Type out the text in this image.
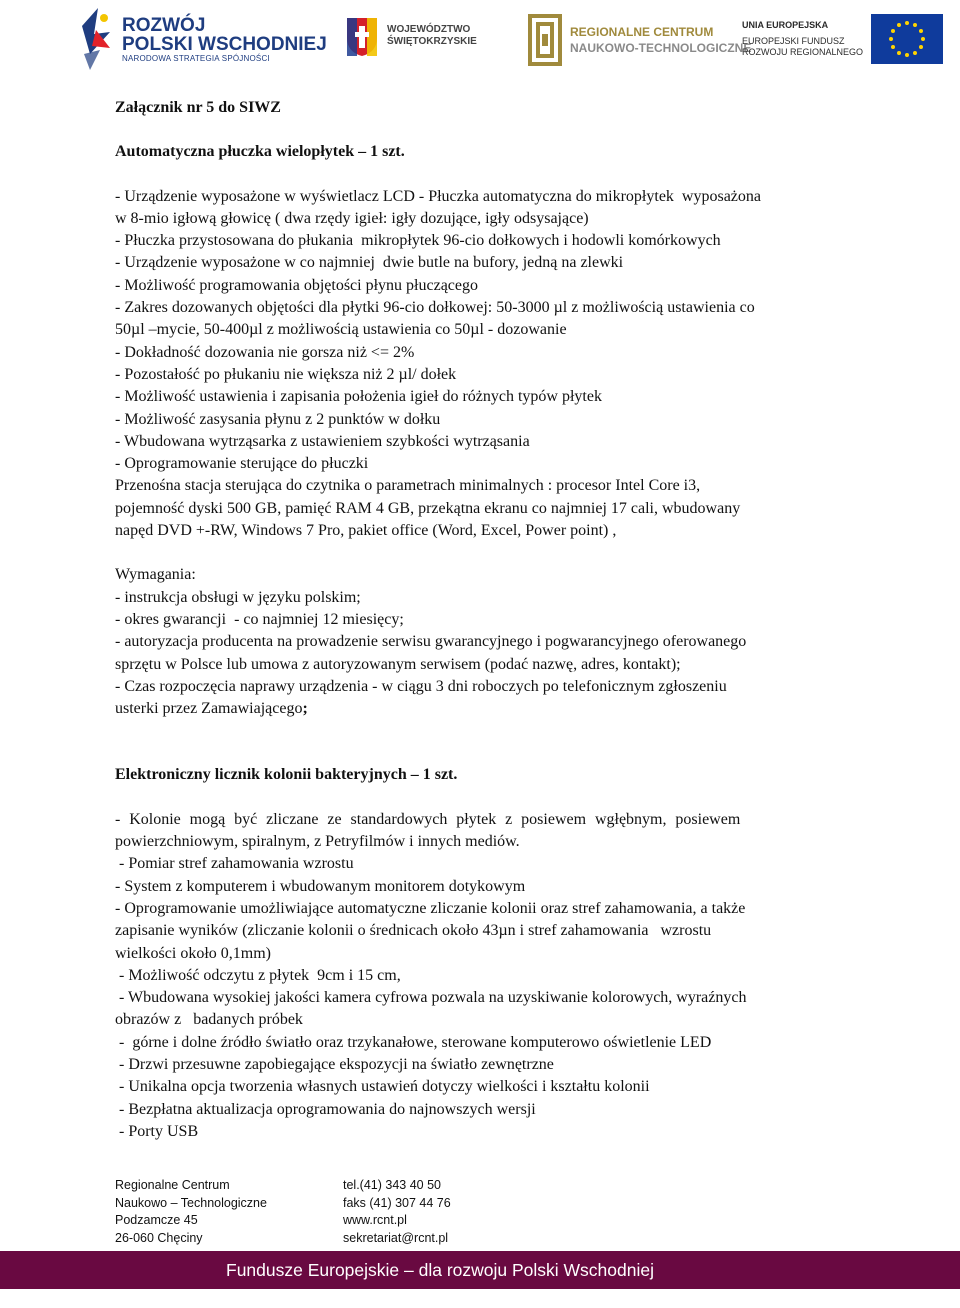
ROZWÓJ
POLSKI WSCHODNIEJ
NARODOWA STRATEGIA SPÓJNOŚCI
WOJEWÓDZTWO
ŚWIĘTOKRZYSKIE
REGIONALNE CENTRUM
NAUKOWO-TECHNOLOGICZNE
UNIA EUROPEJSKA
EUROPEJSKI FUNDUSZ
ROZWOJU REGIONALNEGO

Załącznik nr 5 do SIWZ

Automatyczna płuczka wielopłytek – 1 szt.

- Urządzenie wyposażone w wyświetlacz LCD - Płuczka automatyczna do mikropłytek  wyposażona

w 8-mio igłową głowicę ( dwa rzędy igieł: igły dozujące, igły odsysające)

- Płuczka przystosowana do płukania  mikropłytek 96-cio dołkowych i hodowli komórkowych

- Urządzenie wyposażone w co najmniej  dwie butle na bufory, jedną na zlewki

- Możliwość programowania objętości płynu płuczącego

- Zakres dozowanych objętości dla płytki 96-cio dołkowej: 50-3000 µl z możliwością ustawienia co

50µl –mycie, 50-400µl z możliwością ustawienia co 50µl - dozowanie

- Dokładność dozowania nie gorsza niż <= 2%

- Pozostałość po płukaniu nie większa niż 2 µl/ dołek

- Możliwość ustawienia i zapisania położenia igieł do różnych typów płytek

- Możliwość zasysania płynu z 2 punktów w dołku

- Wbudowana wytrząsarka z ustawieniem szybkości wytrząsania

- Oprogramowanie sterujące do płuczki

Przenośna stacja sterująca do czytnika o parametrach minimalnych : procesor Intel Core i3,

pojemność dyski 500 GB, pamięć RAM 4 GB, przekątna ekranu co najmniej 17 cali, wbudowany

napęd DVD +-RW, Windows 7 Pro, pakiet office (Word, Excel, Power point) ,

Wymagania:

- instrukcja obsługi w języku polskim;

- okres gwarancji  - co najmniej 12 miesięcy;

- autoryzacja producenta na prowadzenie serwisu gwarancyjnego i pogwarancyjnego oferowanego

sprzętu w Polsce lub umowa z autoryzowanym serwisem (podać nazwę, adres, kontakt);

- Czas rozpoczęcia naprawy urządzenia - w ciągu 3 dni roboczych po telefonicznym zgłoszeniu

usterki przez Zamawiającego;

Elektroniczny licznik kolonii bakteryjnych – 1 szt.

- Kolonie mogą być zliczane ze standardowych płytek z posiewem wgłębnym, posiewem

powierzchniowym, spiralnym, z Petryfilmów i innych mediów.

- Pomiar stref zahamowania wzrostu

- System z komputerem i wbudowanym monitorem dotykowym

- Oprogramowanie umożliwiające automatyczne zliczanie kolonii oraz stref zahamowania, a także

zapisanie wyników (zliczanie kolonii o średnicach około 43µn i stref zahamowania   wzrostu

wielkości około 0,1mm)

- Możliwość odczytu z płytek  9cm i 15 cm,

- Wbudowana wysokiej jakości kamera cyfrowa pozwala na uzyskiwanie kolorowych, wyraźnych

obrazów z   badanych próbek

-  górne i dolne źródło światło oraz trzykanałowe, sterowane komputerowo oświetlenie LED

- Drzwi przesuwne zapobiegające ekspozycji na światło zewnętrzne

- Unikalna opcja tworzenia własnych ustawień dotyczy wielkości i kształtu kolonii

- Bezpłatna aktualizacja oprogramowania do najnowszych wersji

- Porty USB

Regionalne Centrum
Naukowo – Technologiczne
Podzamcze 45
26-060 Chęciny
tel.(41) 343 40 50
faks (41) 307 44 76
www.rcnt.pl
sekretariat@rcnt.pl
Fundusze Europejskie – dla rozwoju Polski Wschodniej
